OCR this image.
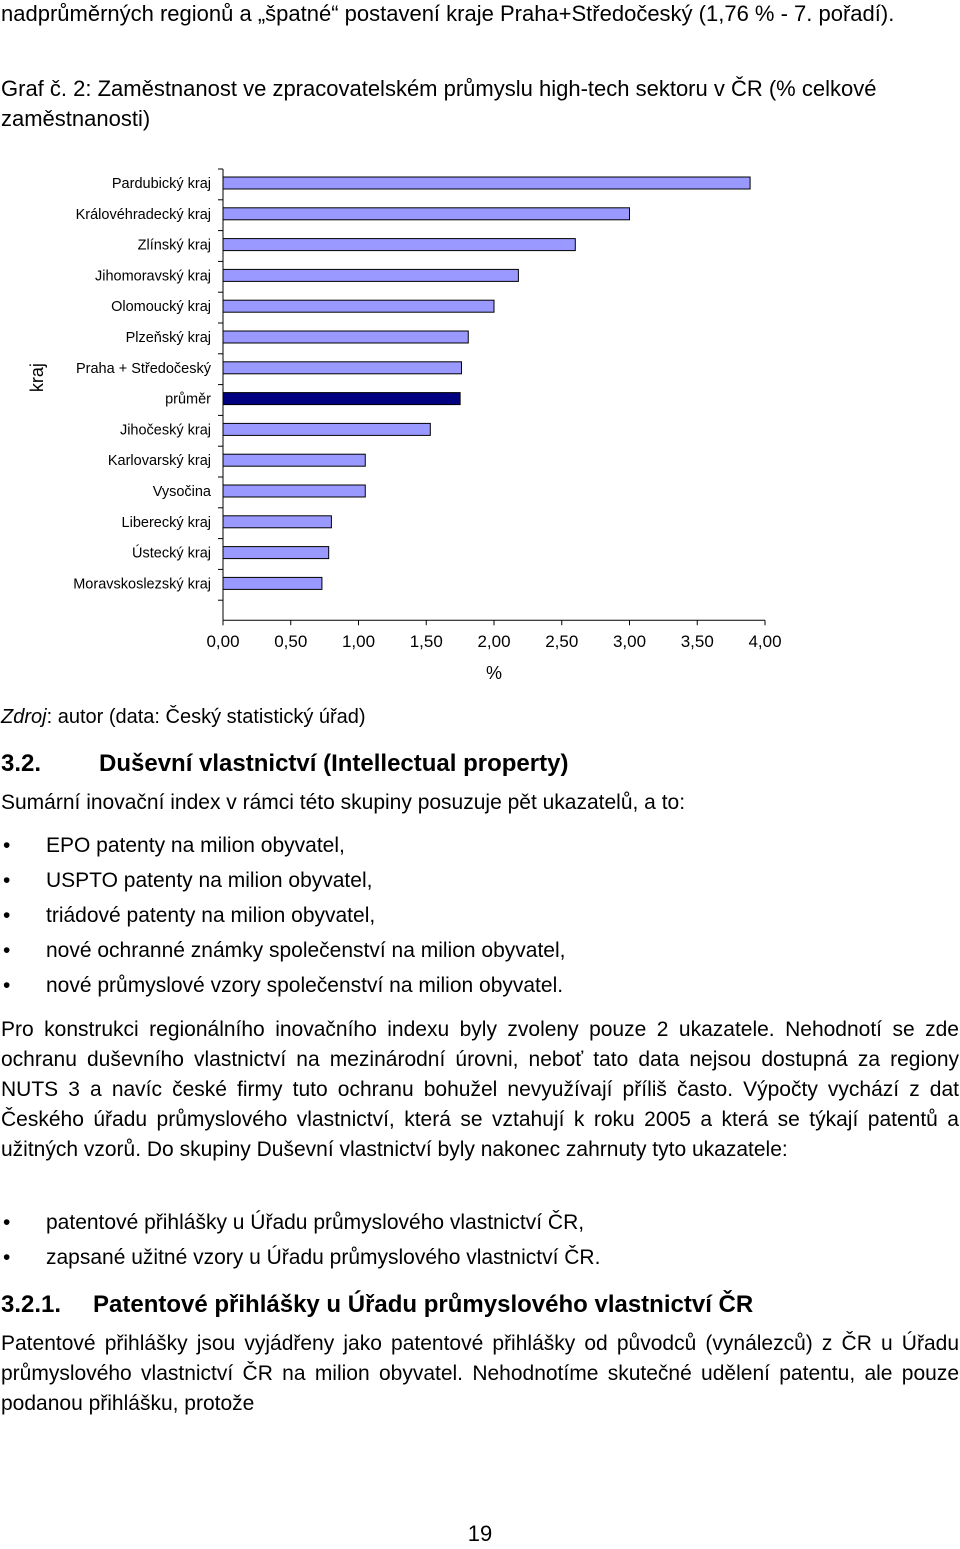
nadprůměrných regionů a „špatné“ postavení kraje Praha+Středočeský (1,76 % - 7. pořadí).
Graf č. 2: Zaměstnanost ve zpracovatelském průmyslu high-tech sektoru v ČR (% celkové zaměstnanosti)
Pardubický kraj
Královéhradecký kraj
Zlínský kraj
Jihomoravský kraj
Olomoucký kraj
Plzeňský kraj
Praha + Středočeský
průměr
Jihočeský kraj
Karlovarský kraj
Vysočina
Liberecký kraj
Ústecký kraj
Moravskoslezský kraj
0,00 0,50 1,00 1,50 2,00 2,50 3,00 3,50 4,00
%
kraj
Zdroj: autor (data: Český statistický úřad)
3.2. Duševní vlastnictví (Intellectual property)
Sumární inovační index v rámci této skupiny posuzuje pět ukazatelů, a to:
• EPO patenty na milion obyvatel,
• USPTO patenty na milion obyvatel,
• triádové patenty na milion obyvatel,
• nové ochranné známky společenství na milion obyvatel,
• nové průmyslové vzory společenství na milion obyvatel.
Pro konstrukci regionálního inovačního indexu byly zvoleny pouze 2 ukazatele. Nehodnotí se zde ochranu duševního vlastnictví na mezinárodní úrovni, neboť tato data nejsou dostupná za regiony NUTS 3 a navíc české firmy tuto ochranu bohužel nevyužívají příliš často. Výpočty vychází z dat Českého úřadu průmyslového vlastnictví, která se vztahují k roku 2005 a která se týkají patentů a užitných vzorů. Do skupiny Duševní vlastnictví byly nakonec zahrnuty tyto ukazatele:
• patentové přihlášky u Úřadu průmyslového vlastnictví ČR,
• zapsané užitné vzory u Úřadu průmyslového vlastnictví ČR.
3.2.1. Patentové přihlášky u Úřadu průmyslového vlastnictví ČR
Patentové přihlášky jsou vyjádřeny jako patentové přihlášky od původců (vynálezců) z ČR u Úřadu průmyslového vlastnictví ČR na milion obyvatel. Nehodnotíme skutečné udělení patentu, ale pouze podanou přihlášku, protože
19
